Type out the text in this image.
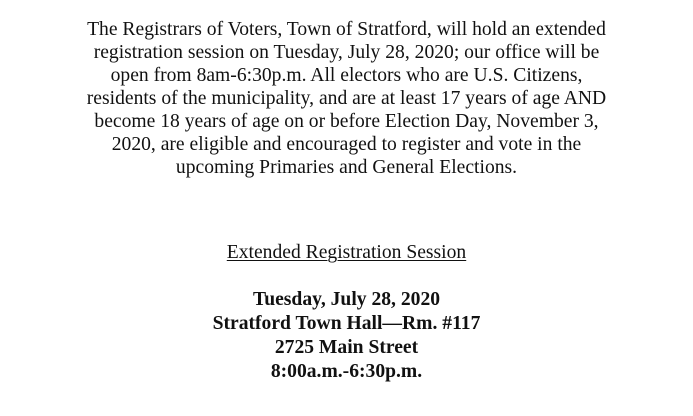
The Registrars of Voters, Town of Stratford, will hold an extended
registration session on Tuesday, July 28, 2020; our office will be
open from 8am-6:30p.m. All electors who are U.S. Citizens,
residents of the municipality, and are at least 17 years of age AND
become 18 years of age on or before Election Day, November 3,
2020, are eligible and encouraged to register and vote in the
upcoming Primaries and General Elections.

Extended Registration Session
Tuesday, July 28, 2020
Stratford Town Hall—Rm. #117
2725 Main Street
8:00a.m.-6:30p.m.
